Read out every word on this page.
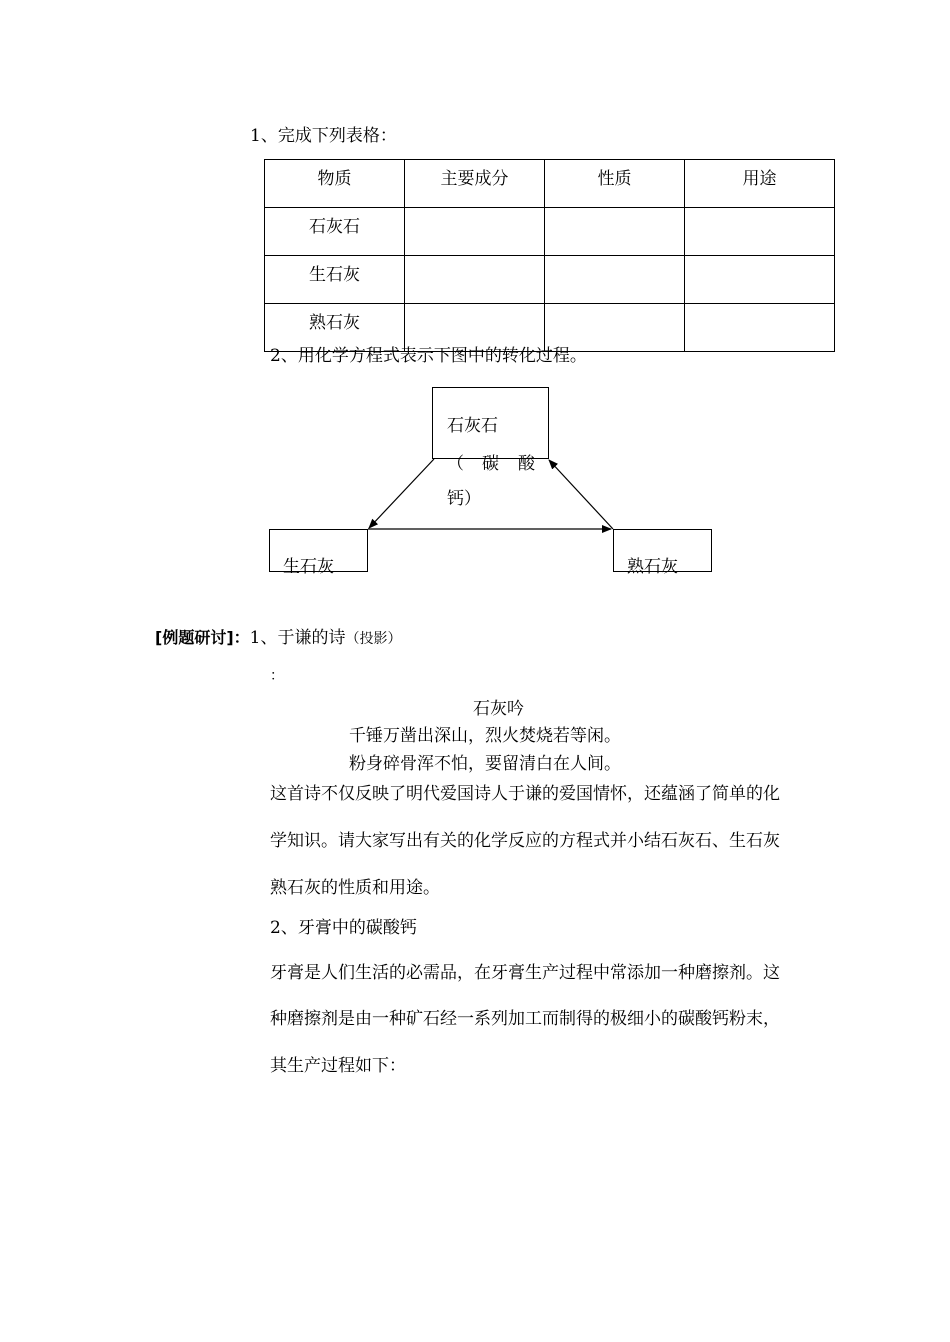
1、完成下列表格：
物质	主要成分	性质	用途
石灰石			
生石灰			
熟石灰			
2、用化学方程式表示下图中的转化过程。
石灰石
（ 碳 酸
钙）
生石灰	熟石灰
[例题研讨]：1、于谦的诗（投影）
：
石灰吟
千锤万凿出深山，烈火焚烧若等闲。
粉身碎骨浑不怕，要留清白在人间。
这首诗不仅反映了明代爱国诗人于谦的爱国情怀，还蕴涵了简单的化
学知识。请大家写出有关的化学反应的方程式并小结石灰石、生石灰
熟石灰的性质和用途。
2、牙膏中的碳酸钙
牙膏是人们生活的必需品，在牙膏生产过程中常添加一种磨擦剂。这
种磨擦剂是由一种矿石经一系列加工而制得的极细小的碳酸钙粉末，
其生产过程如下：
